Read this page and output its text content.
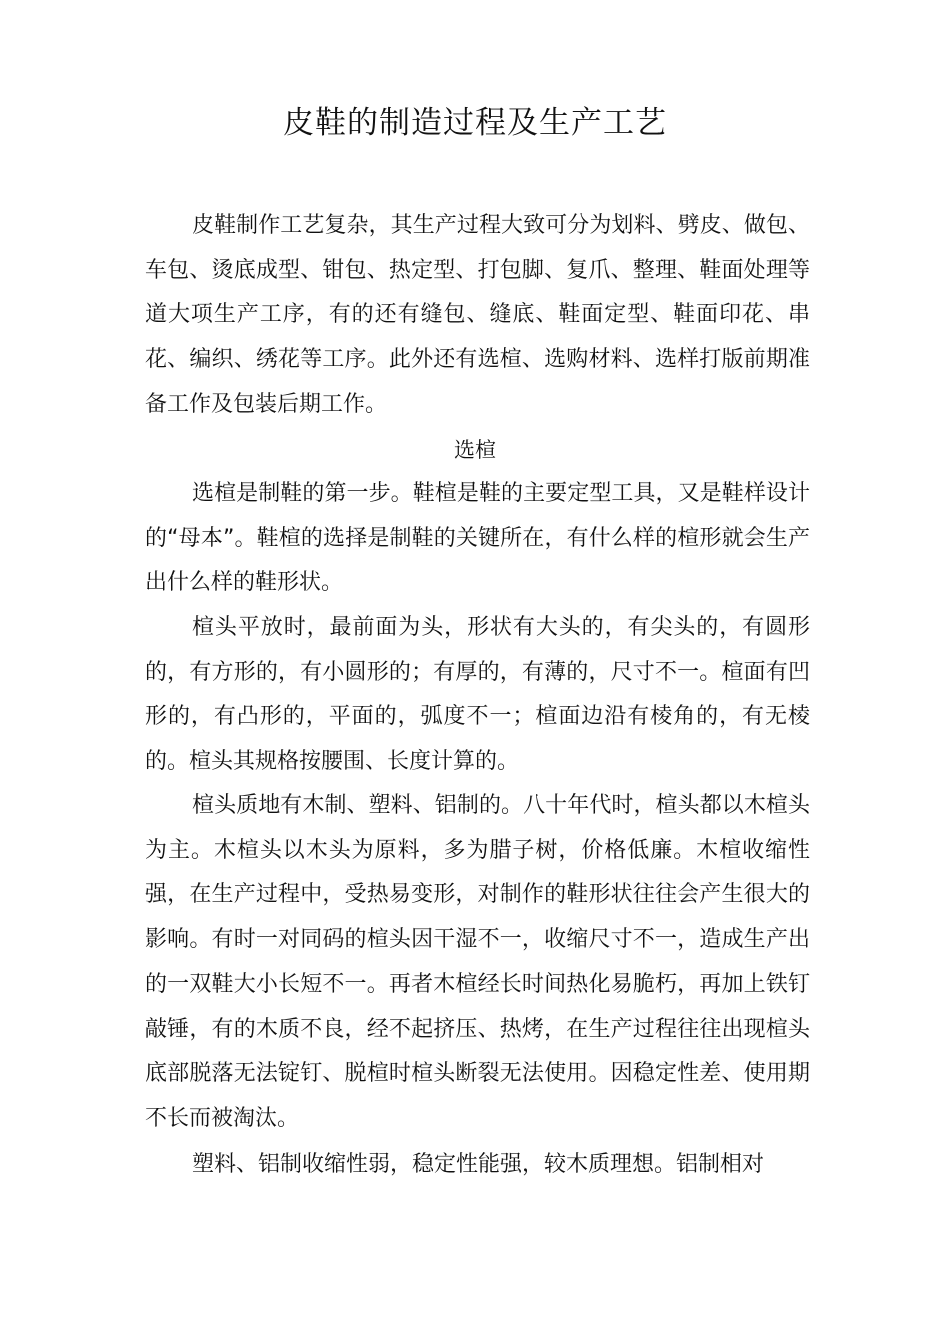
皮鞋的制造过程及生产工艺

皮鞋制作工艺复杂，其生产过程大致可分为划料、劈皮、做包、车包、烫底成型、钳包、热定型、打包脚、复爪、整理、鞋面处理等　　道大项生产工序，有的还有缝包、缝底、鞋面定型、鞋面印花、串花、编织、绣花等工序。此外还有选楦、选购材料、选样打版前期准备工作及包装后期工作。

选楦

选楦是制鞋的第一步。鞋楦是鞋的主要定型工具，又是鞋样设计的“母本”。鞋楦的选择是制鞋的关键所在，有什么样的楦形就会生产出什么样的鞋形状。

楦头平放时，最前面为头，形状有大头的，有尖头的，有圆形的，有方形的，有小圆形的；有厚的，有薄的，尺寸不一。楦面有凹形的，有凸形的，平面的，弧度不一；楦面边沿有棱角的，有无棱的。楦头其规格按腰围、长度计算的。

楦头质地有木制、塑料、铝制的。八十年代时，楦头都以木楦头为主。木楦头以木头为原料，多为腊子树，价格低廉。木楦收缩性强，在生产过程中，受热易变形，对制作的鞋形状往往会产生很大的影响。有时一对同码的楦头因干湿不一，收缩尺寸不一，造成生产出的一双鞋大小长短不一。再者木楦经长时间热化易脆朽，再加上铁钉敲锤，有的木质不良，经不起挤压、热烤，在生产过程往往出现楦头底部脱落无法锭钉、脱楦时楦头断裂无法使用。因稳定性差、使用期不长而被淘汰。

塑料、铝制收缩性弱，稳定性能强，较木质理想。铝制相对
